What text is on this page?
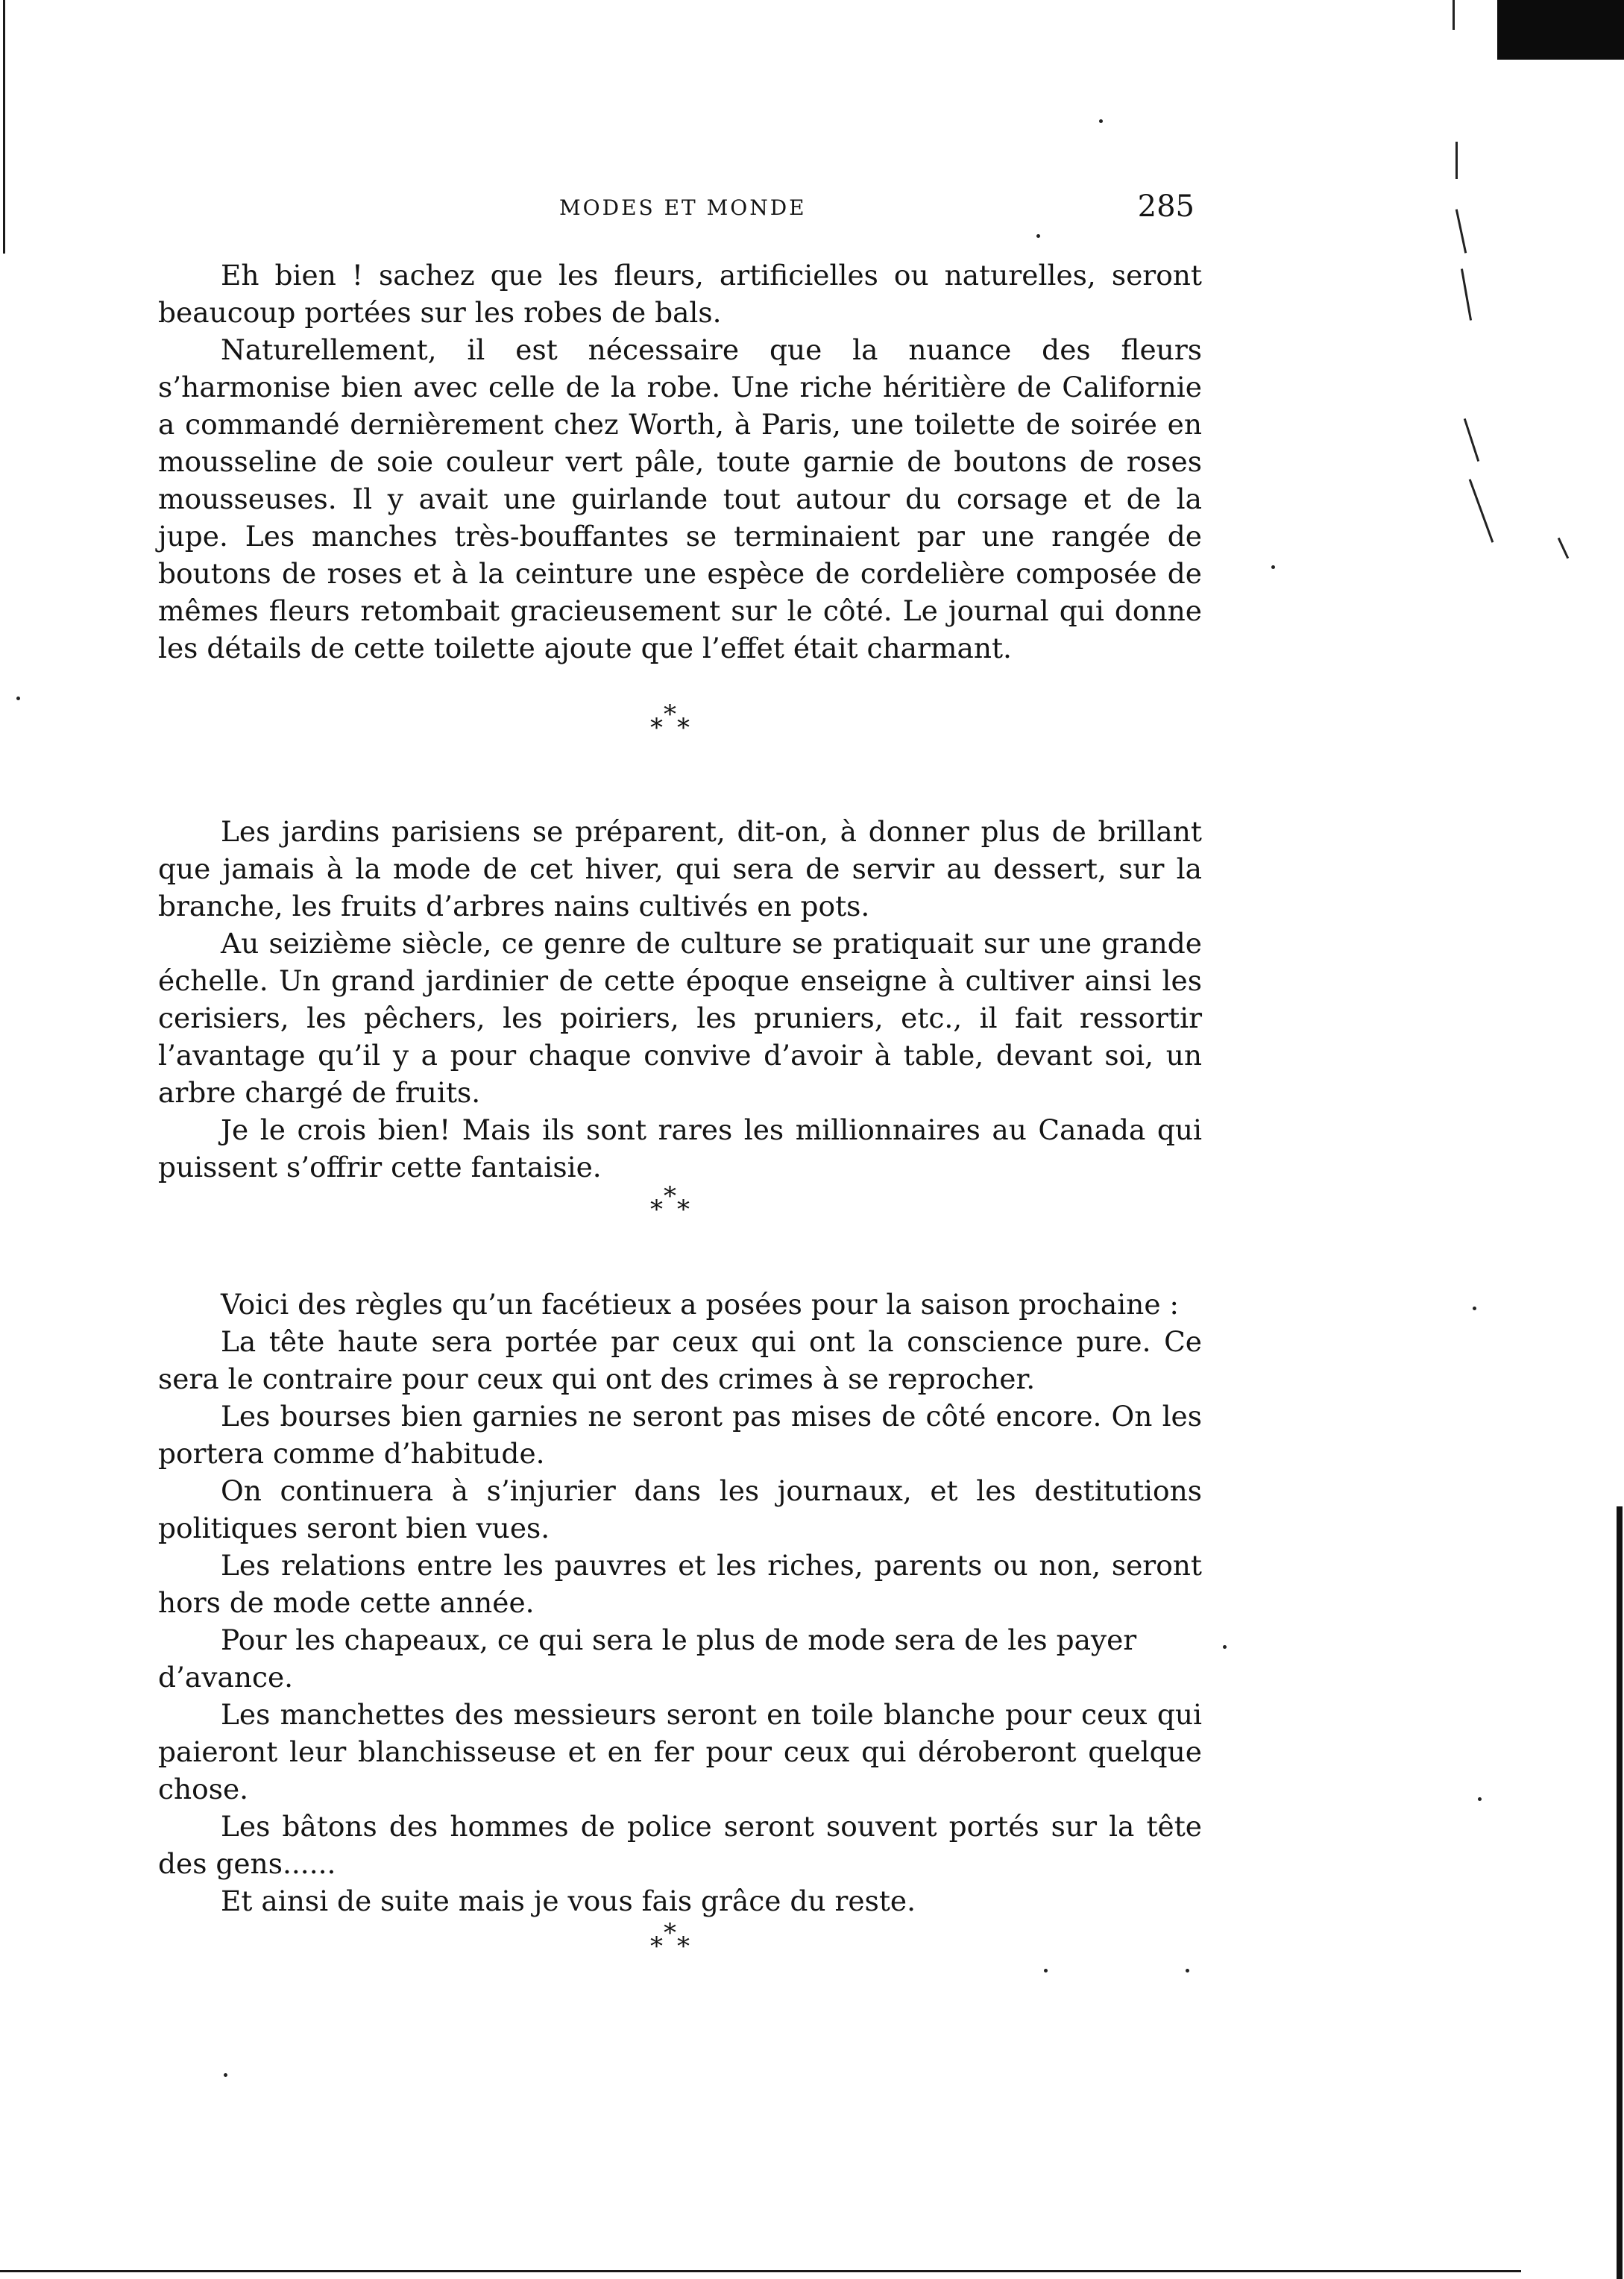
MODES ET MONDE	285

Eh bien ! sachez que les fleurs, artificielles ou naturelles, seront beaucoup portées sur les robes de bals.

Naturellement, il est nécessaire que la nuance des fleurs s’harmonise bien avec celle de la robe. Une riche héritière de Californie a commandé dernièrement chez Worth, à Paris, une toilette de soirée en mousseline de soie couleur vert pâle, toute garnie de boutons de roses mousseuses. Il y avait une guirlande tout autour du corsage et de la jupe. Les manches très-bouffantes se terminaient par une rangée de boutons de roses et à la ceinture une espèce de cordelière composée de mêmes fleurs retombait gracieusement sur le côté. Le journal qui donne les détails de cette toilette ajoute que l’effet était charmant.

*
* *

Les jardins parisiens se préparent, dit-on, à donner plus de brillant que jamais à la mode de cet hiver, qui sera de servir au dessert, sur la branche, les fruits d’arbres nains cultivés en pots.

Au seizième siècle, ce genre de culture se pratiquait sur une grande échelle. Un grand jardinier de cette époque enseigne à cultiver ainsi les cerisiers, les pêchers, les poiriers, les pruniers, etc., il fait ressortir l’avantage qu’il y a pour chaque convive d’avoir à table, devant soi, un arbre chargé de fruits.

Je le crois bien! Mais ils sont rares les millionnaires au Canada qui puissent s’offrir cette fantaisie.

*
* *

Voici des règles qu’un facétieux a posées pour la saison prochaine :

La tête haute sera portée par ceux qui ont la conscience pure. Ce sera le contraire pour ceux qui ont des crimes à se reprocher.

Les bourses bien garnies ne seront pas mises de côté encore. On les portera comme d’habitude.

On continuera à s’injurier dans les journaux, et les destitutions politiques seront bien vues.

Les relations entre les pauvres et les riches, parents ou non, seront hors de mode cette année.

Pour les chapeaux, ce qui sera le plus de mode sera de les payer d’avance.

Les manchettes des messieurs seront en toile blanche pour ceux qui paieront leur blanchisseuse et en fer pour ceux qui déroberont quelque chose.

Les bâtons des hommes de police seront souvent portés sur la tête des gens......

Et ainsi de suite mais je vous fais grâce du reste.

*
* *
